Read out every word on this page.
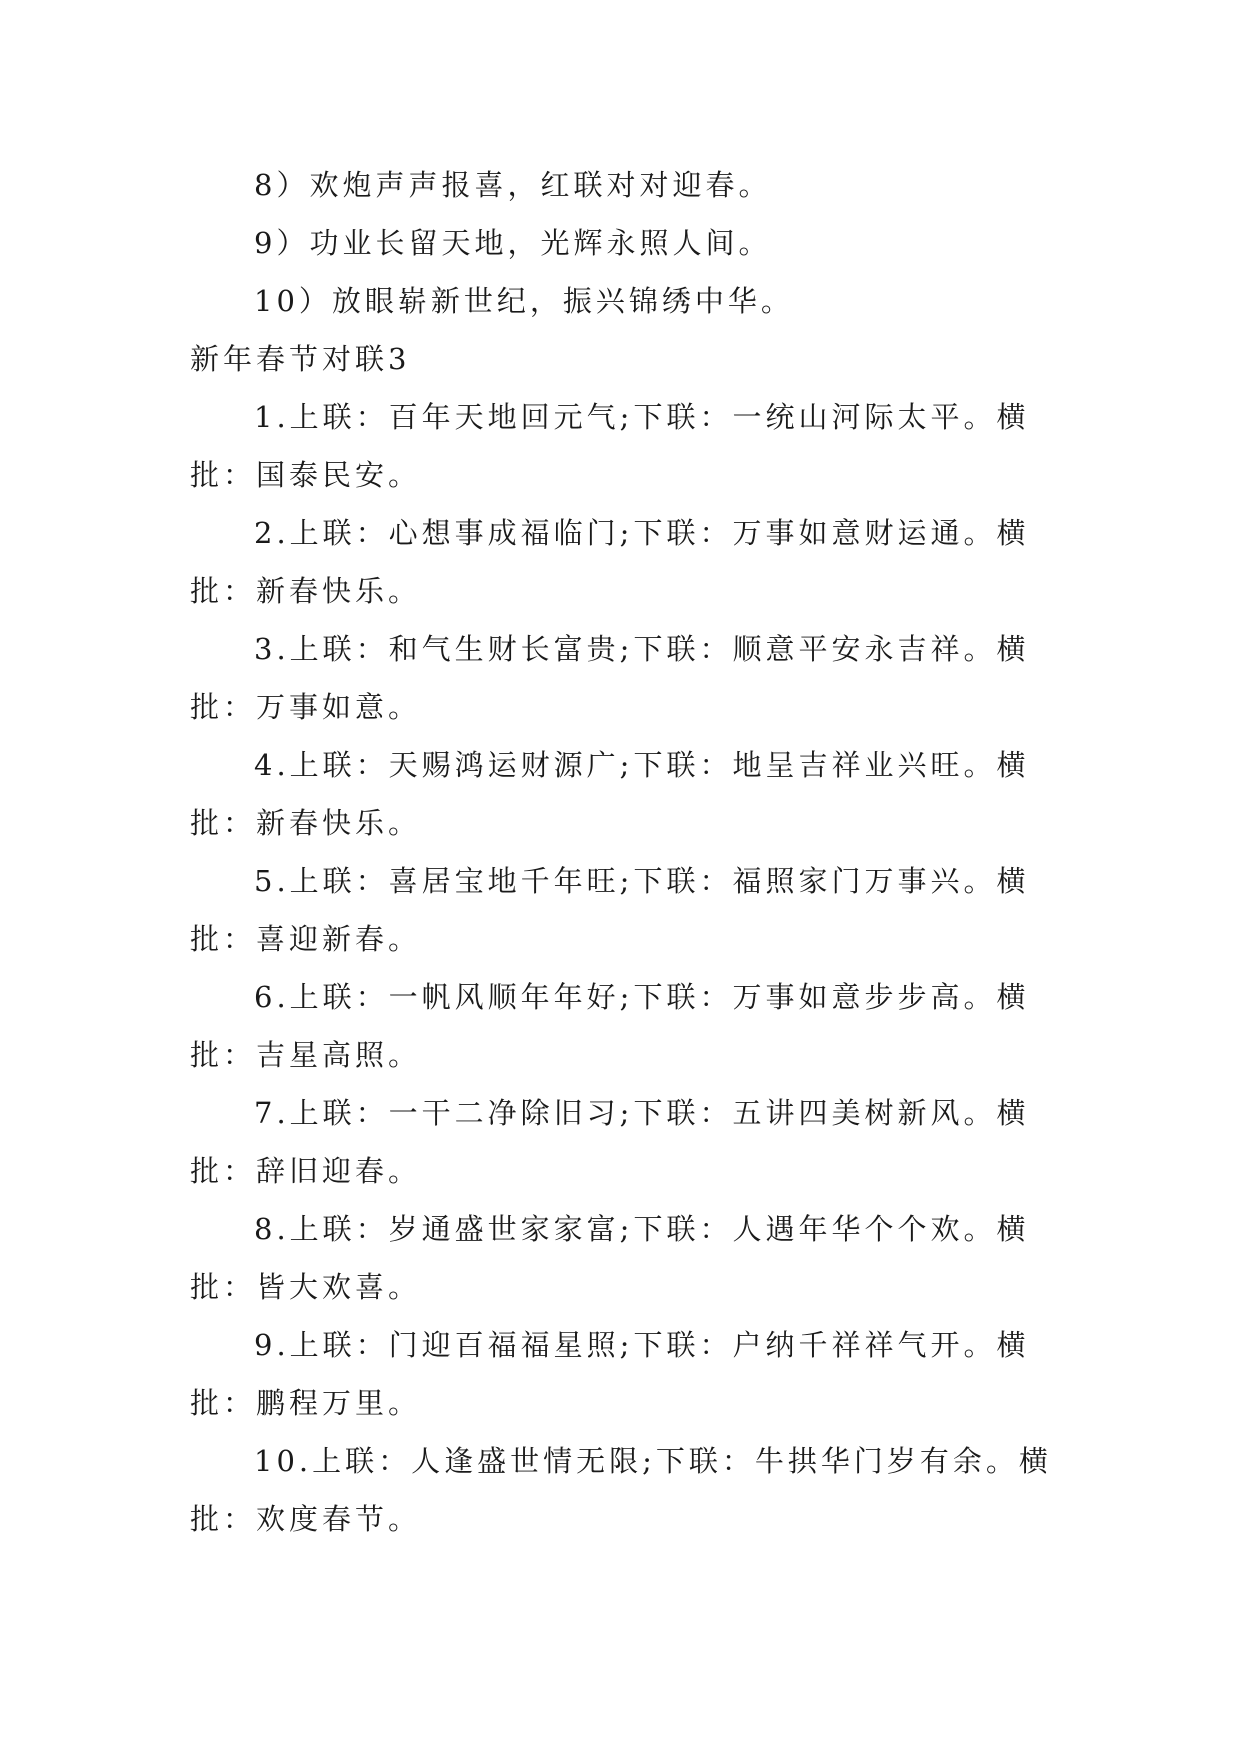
8）欢炮声声报喜，红联对对迎春。
9）功业长留天地，光辉永照人间。
10）放眼崭新世纪，振兴锦绣中华。
新年春节对联3
1.上联：百年天地回元气;下联：一统山河际太平。横
批：国泰民安。
2.上联：心想事成福临门;下联：万事如意财运通。横
批：新春快乐。
3.上联：和气生财长富贵;下联：顺意平安永吉祥。横
批：万事如意。
4.上联：天赐鸿运财源广;下联：地呈吉祥业兴旺。横
批：新春快乐。
5.上联：喜居宝地千年旺;下联：福照家门万事兴。横
批：喜迎新春。
6.上联：一帆风顺年年好;下联：万事如意步步高。横
批：吉星高照。
7.上联：一干二净除旧习;下联：五讲四美树新风。横
批：辞旧迎春。
8.上联：岁通盛世家家富;下联：人遇年华个个欢。横
批：皆大欢喜。
9.上联：门迎百福福星照;下联：户纳千祥祥气开。横
批：鹏程万里。
10.上联：人逢盛世情无限;下联：牛拱华门岁有余。横
批：欢度春节。
